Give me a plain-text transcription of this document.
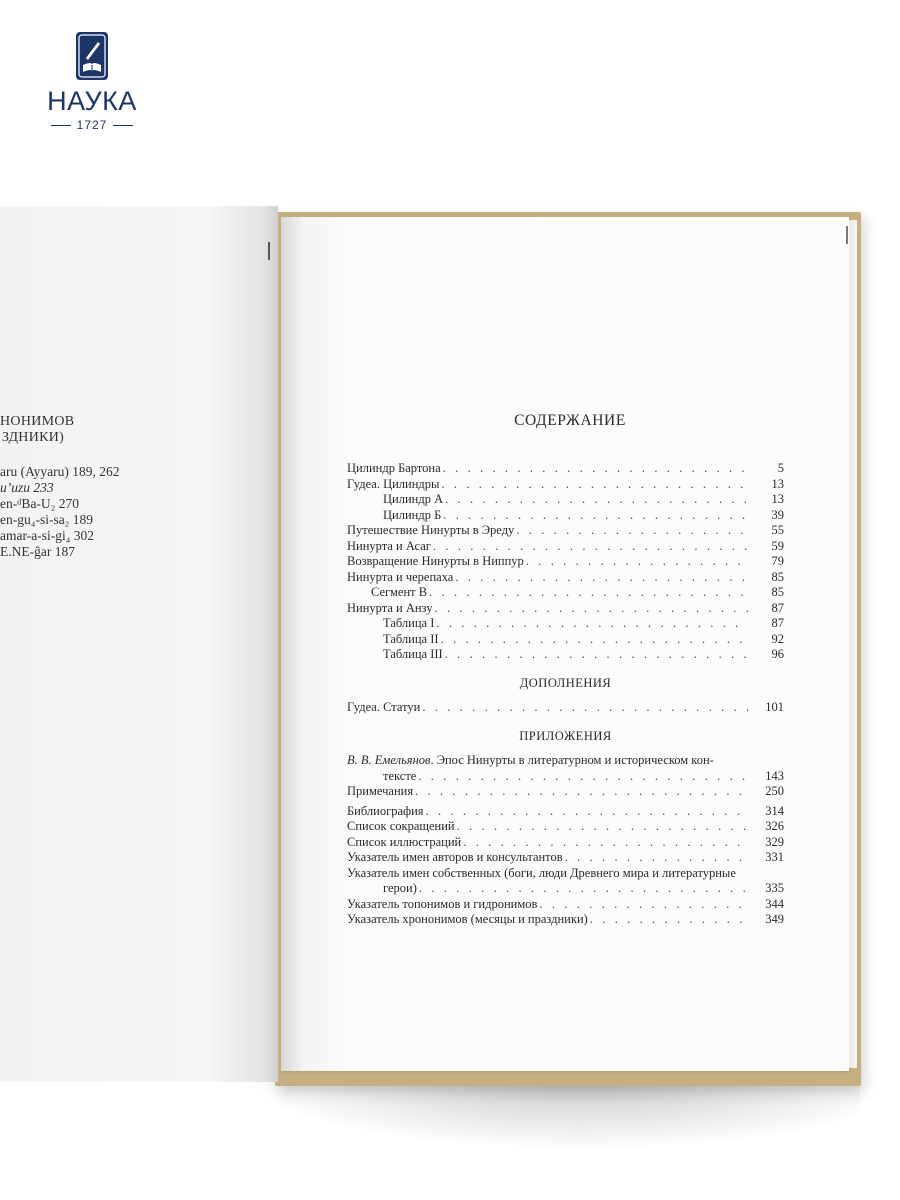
НАУКА
1727
НОНИМОВ
ЗДНИКИ)
aru (Ayyaru) 189, 262
uʼuzu 233
en-ᵈBa-U₂ 270
en-gu₄-si-sa₂ 189
amar-a-si-gi₄ 302
E.NE-ĝar 187
СОДЕРЖАНИЕ
Цилиндр Бартона . . .	5
Гудеа. Цилиндры . . .	13
Цилиндр А . . .	13
Цилиндр Б . . .	39
Путешествие Нинурты в Эреду . . .	55
Нинурта и Асаг . . .	59
Возвращение Нинурты в Ниппур . . .	79
Нинурта и черепаха . . .	85
Сегмент В . . .	85
Нинурта и Анзу . . .	87
Таблица I . . .	87
Таблица II . . .	92
Таблица III . . .	96
ДОПОЛНЕНИЯ
Гудеа. Статуи . . .	101
ПРИЛОЖЕНИЯ
В. В. Емельянов. Эпос Нинурты в литературном и историческом кон-
тексте . . .	143
Примечания . . .	250
Библиография . . .	314
Список сокращений . . .	326
Список иллюстраций . . .	329
Указатель имен авторов и консультантов . . .	331
Указатель имен собственных (боги, люди Древнего мира и литературные
герои) . . .	335
Указатель топонимов и гидронимов . . .	344
Указатель хрононимов (месяцы и праздники) . . .	349
